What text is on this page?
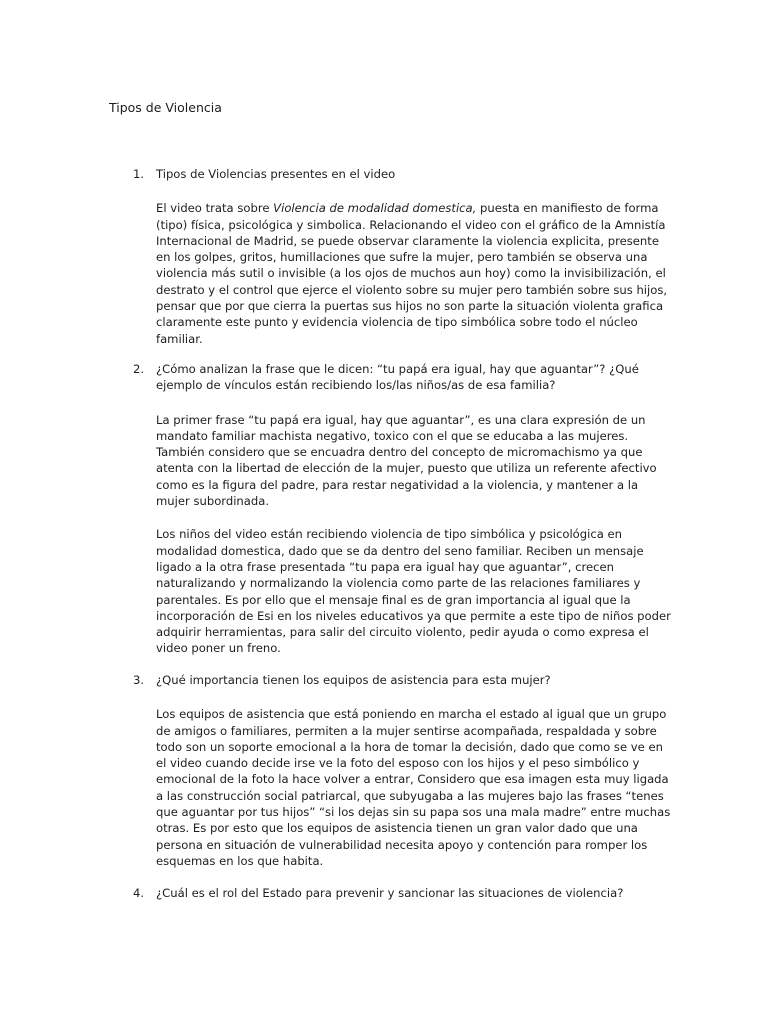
Tipos de Violencia
1.	Tipos de Violencias presentes en el video

El video trata sobre Violencia de modalidad domestica, puesta en manifiesto de forma (tipo) física, psicológica y simbolica. Relacionando el video con el gráfico de la Amnistía Internacional de Madrid, se puede observar claramente la violencia explicita, presente en los golpes, gritos, humillaciones que sufre la mujer, pero también se observa una violencia más sutil o invisible (a los ojos de muchos aun hoy) como la invisibilización, el destrato y el control que ejerce el violento sobre su mujer pero también sobre sus hijos, pensar que por que cierra la puertas sus hijos no son parte la situación violenta grafica claramente este punto y evidencia violencia de tipo simbólica sobre todo el núcleo familiar.

2.	¿Cómo analizan la frase que le dicen: “tu papá era igual, hay que aguantar”? ¿Qué ejemplo de vínculos están recibiendo los/las niños/as de esa familia?

La primer frase “tu papá era igual, hay que aguantar”, es una clara expresión de un mandato familiar machista negativo, toxico con el que se educaba a las mujeres. También considero que se encuadra dentro del concepto de micromachismo ya que atenta con la libertad de elección de la mujer, puesto que utiliza un referente afectivo como es la figura del padre, para restar negatividad a la violencia, y mantener a la mujer subordinada.

Los niños del video están recibiendo violencia de tipo simbólica y psicológica en modalidad domestica, dado que se da dentro del seno familiar. Reciben un mensaje ligado a la otra frase presentada “tu papa era igual hay que aguantar”, crecen naturalizando y normalizando la violencia como parte de las relaciones familiares y parentales. Es por ello que el mensaje final es de gran importancia al igual que la incorporación de Esi en los niveles educativos ya que permite a este tipo de niños poder adquirir herramientas, para salir del circuito violento, pedir ayuda o como expresa el video poner un freno.

3.	¿Qué importancia tienen los equipos de asistencia para esta mujer?

Los equipos de asistencia que está poniendo en marcha el estado al igual que un grupo de amigos o familiares, permiten a la mujer sentirse acompañada, respaldada y sobre todo son un soporte emocional a la hora de tomar la decisión, dado que como se ve en el video cuando decide irse ve la foto del esposo con los hijos y el peso simbólico y emocional de la foto la hace volver a entrar, Considero que esa imagen esta muy ligada a las construcción social patriarcal, que subyugaba a las mujeres bajo las frases “tenes que aguantar por tus hijos” “si los dejas sin su papa sos una mala madre” entre muchas otras. Es por esto que los equipos de asistencia tienen un gran valor dado que una persona en situación de vulnerabilidad necesita apoyo y contención para romper los esquemas en los que habita.

4.	¿Cuál es el rol del Estado para prevenir y sancionar las situaciones de violencia?
